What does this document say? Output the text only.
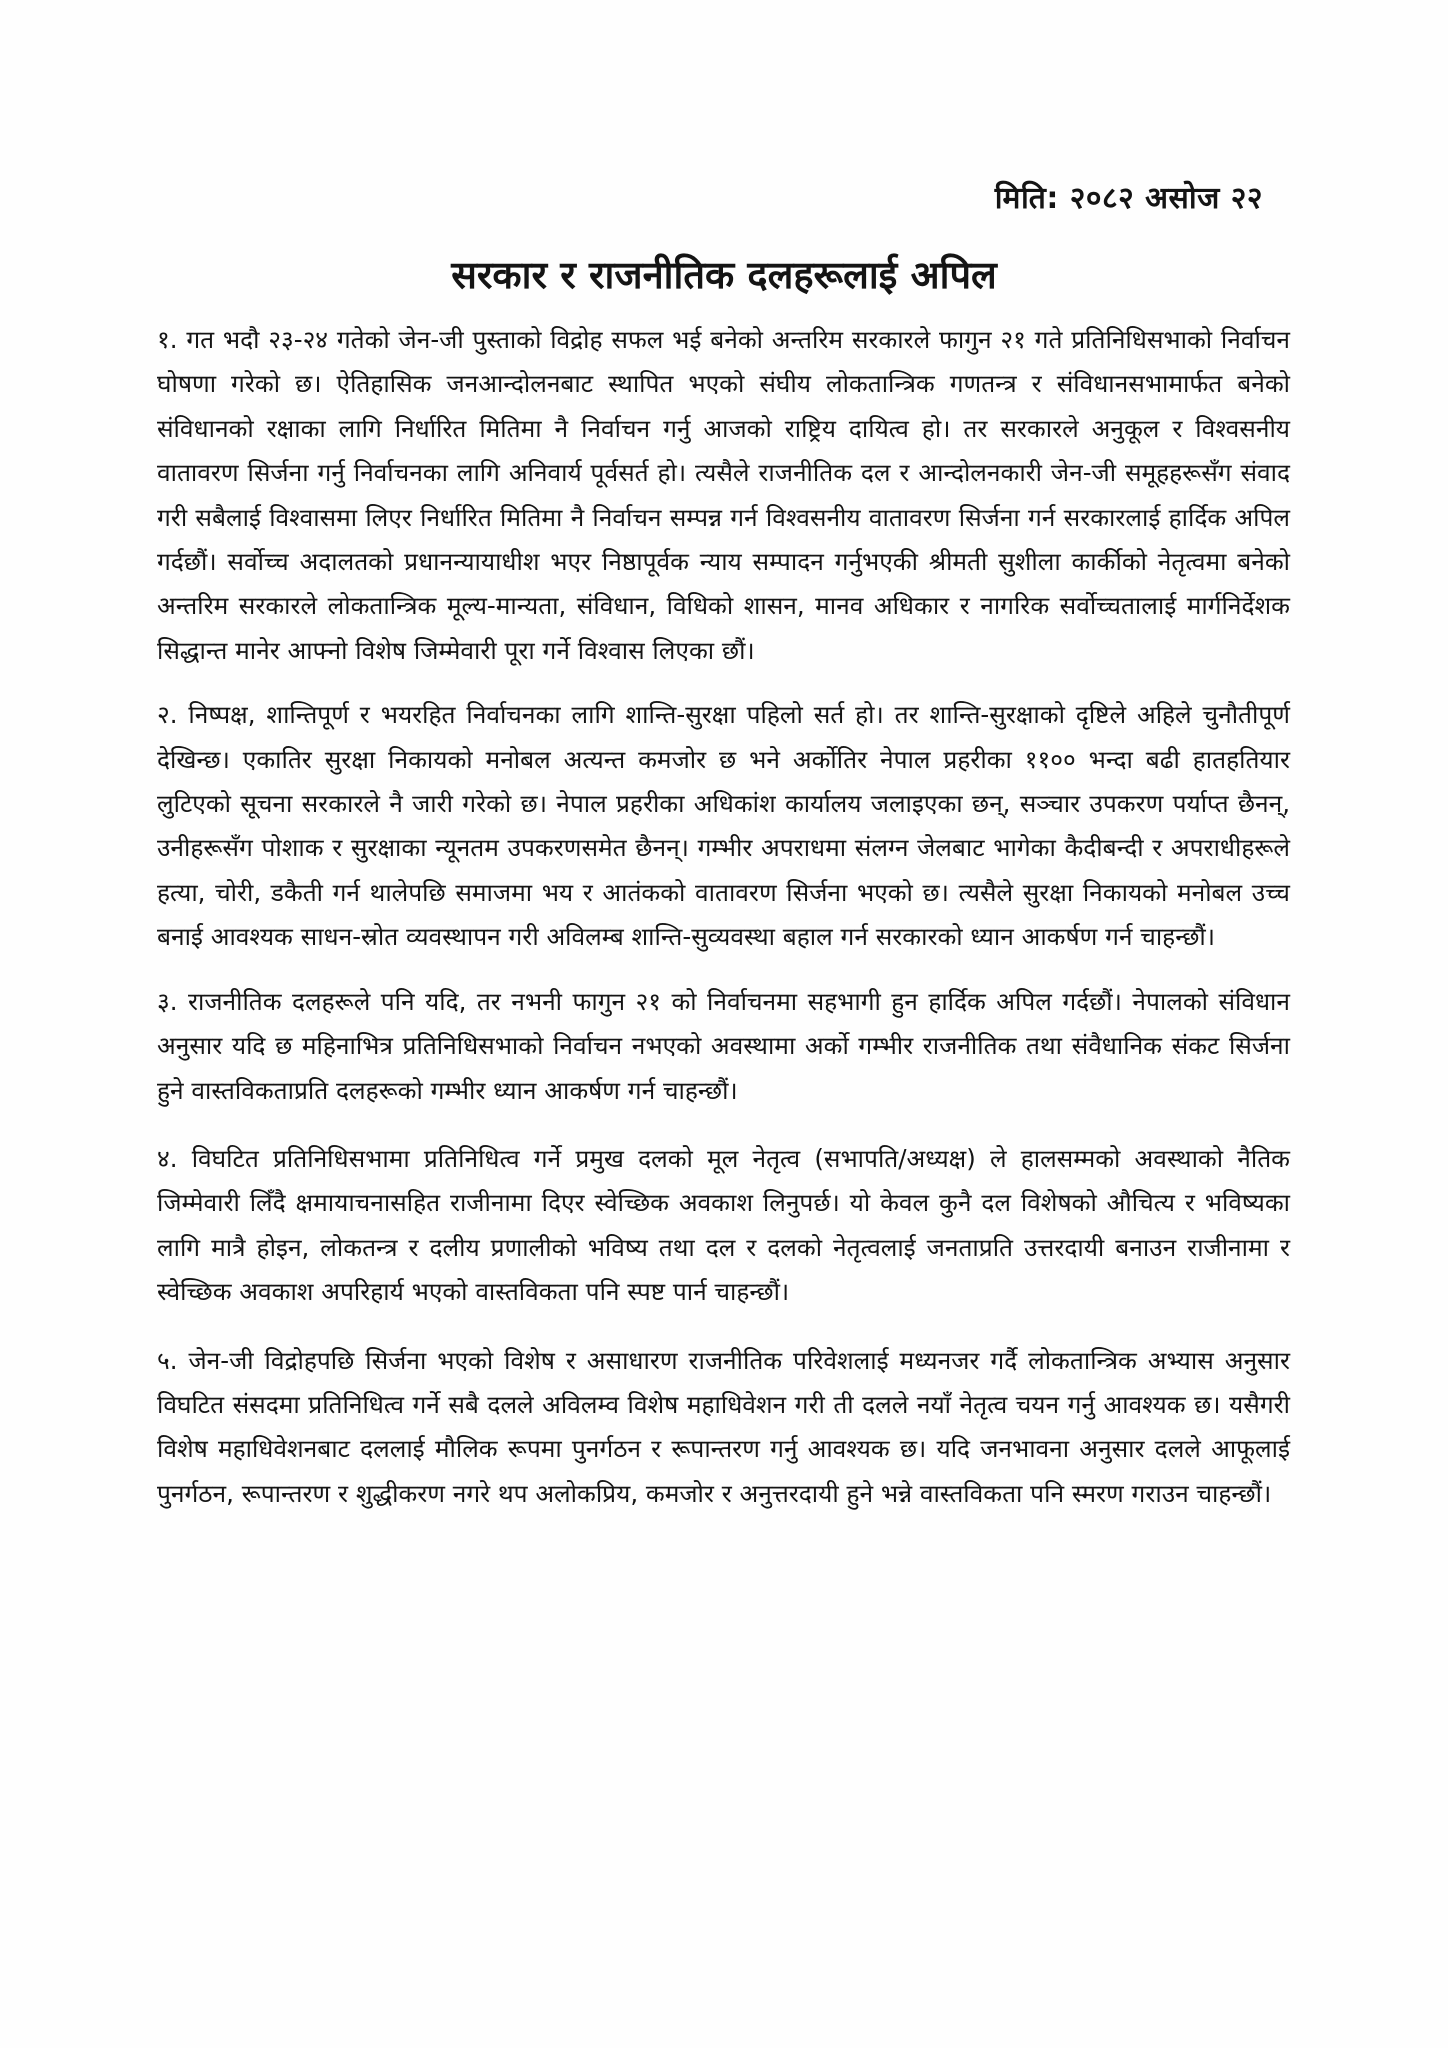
मिति: २०८२ असोज २२
सरकार र राजनीतिक दलहरूलाई अपिल

१. गत भदौ २३-२४ गतेको जेन-जी पुस्ताको विद्रोह सफल भई बनेको अन्तरिम सरकारले फागुन २१ गते प्रतिनिधिसभाको निर्वाचन घोषणा गरेको छ। ऐतिहासिक जनआन्दोलनबाट स्थापित भएको संघीय लोकतान्त्रिक गणतन्त्र र संविधानसभामार्फत बनेको संविधानको रक्षाका लागि निर्धारित मितिमा नै निर्वाचन गर्नु आजको राष्ट्रिय दायित्व हो। तर सरकारले अनुकूल र विश्वसनीय वातावरण सिर्जना गर्नु निर्वाचनका लागि अनिवार्य पूर्वसर्त हो। त्यसैले राजनीतिक दल र आन्दोलनकारी जेन-जी समूहहरूसँग संवाद गरी सबैलाई विश्वासमा लिएर निर्धारित मितिमा नै निर्वाचन सम्पन्न गर्न विश्वसनीय वातावरण सिर्जना गर्न सरकारलाई हार्दिक अपिल गर्दछौं। सर्वोच्च अदालतको प्रधानन्यायाधीश भएर निष्ठापूर्वक न्याय सम्पादन गर्नुभएकी श्रीमती सुशीला कार्कीको नेतृत्वमा बनेको अन्तरिम सरकारले लोकतान्त्रिक मूल्य-मान्यता, संविधान, विधिको शासन, मानव अधिकार र नागरिक सर्वोच्चतालाई मार्गनिर्देशक सिद्धान्त मानेर आफ्नो विशेष जिम्मेवारी पूरा गर्ने विश्वास लिएका छौं।

२. निष्पक्ष, शान्तिपूर्ण र भयरहित निर्वाचनका लागि शान्ति-सुरक्षा पहिलो सर्त हो। तर शान्ति-सुरक्षाको दृष्टिले अहिले चुनौतीपूर्ण देखिन्छ। एकातिर सुरक्षा निकायको मनोबल अत्यन्त कमजोर छ भने अर्कोतिर नेपाल प्रहरीका ११०० भन्दा बढी हातहतियार लुटिएको सूचना सरकारले नै जारी गरेको छ। नेपाल प्रहरीका अधिकांश कार्यालय जलाइएका छन्, सञ्चार उपकरण पर्याप्त छैनन्, उनीहरूसँग पोशाक र सुरक्षाका न्यूनतम उपकरणसमेत छैनन्। गम्भीर अपराधमा संलग्न जेलबाट भागेका कैदीबन्दी र अपराधीहरूले हत्या, चोरी, डकैती गर्न थालेपछि समाजमा भय र आतंकको वातावरण सिर्जना भएको छ। त्यसैले सुरक्षा निकायको मनोबल उच्च बनाई आवश्यक साधन-स्रोत व्यवस्थापन गरी अविलम्ब शान्ति-सुव्यवस्था बहाल गर्न सरकारको ध्यान आकर्षण गर्न चाहन्छौं।

३. राजनीतिक दलहरूले पनि यदि, तर नभनी फागुन २१ को निर्वाचनमा सहभागी हुन हार्दिक अपिल गर्दछौं। नेपालको संविधान अनुसार यदि छ महिनाभित्र प्रतिनिधिसभाको निर्वाचन नभएको अवस्थामा अर्को गम्भीर राजनीतिक तथा संवैधानिक संकट सिर्जना हुने वास्तविकताप्रति दलहरूको गम्भीर ध्यान आकर्षण गर्न चाहन्छौं।

४. विघटित प्रतिनिधिसभामा प्रतिनिधित्व गर्ने प्रमुख दलको मूल नेतृत्व (सभापति/अध्यक्ष) ले हालसम्मको अवस्थाको नैतिक जिम्मेवारी लिँदै क्षमायाचनासहित राजीनामा दिएर स्वेच्छिक अवकाश लिनुपर्छ। यो केवल कुनै दल विशेषको औचित्य र भविष्यका लागि मात्रै होइन, लोकतन्त्र र दलीय प्रणालीको भविष्य तथा दल र दलको नेतृत्वलाई जनताप्रति उत्तरदायी बनाउन राजीनामा र स्वेच्छिक अवकाश अपरिहार्य भएको वास्तविकता पनि स्पष्ट पार्न चाहन्छौं।

५. जेन-जी विद्रोहपछि सिर्जना भएको विशेष र असाधारण राजनीतिक परिवेशलाई मध्यनजर गर्दै लोकतान्त्रिक अभ्यास अनुसार विघटित संसदमा प्रतिनिधित्व गर्ने सबै दलले अविलम्व विशेष महाधिवेशन गरी ती दलले नयाँ नेतृत्व चयन गर्नु आवश्यक छ। यसैगरी विशेष महाधिवेशनबाट दललाई मौलिक रूपमा पुनर्गठन र रूपान्तरण गर्नु आवश्यक छ। यदि जनभावना अनुसार दलले आफूलाई पुनर्गठन, रूपान्तरण र शुद्धीकरण नगरे थप अलोकप्रिय, कमजोर र अनुत्तरदायी हुने भन्ने वास्तविकता पनि स्मरण गराउन चाहन्छौं।
